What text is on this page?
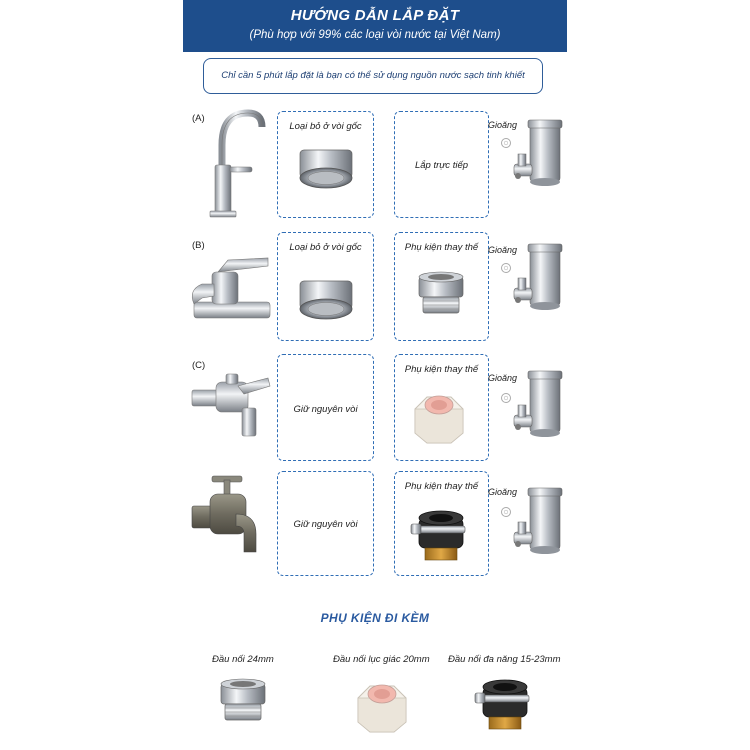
HƯỚNG DẪN LẮP ĐẶT
(Phù hợp với 99% các loại vòi nước tại Việt Nam)
Chỉ cần 5 phút lắp đặt là bạn có thể sử dụng nguồn nước sạch tinh khiết
(A)
Loại bỏ ở vòi gốc
Lắp trực tiếp
Gioăng
(B)	Loại bỏ ở vòi gốc	Phụ kiện thay thế	Gioăng
(C)
Giữ nguyên vòi
Phụ kiện thay thế
Gioăng
Giữ nguyên vòi
Phụ kiện thay thế	Gioăng
PHỤ KIỆN ĐI KÈM
Đầu nối 24mm	Đầu nối lục giác 20mm Đầu nối đa năng 15-23mm
